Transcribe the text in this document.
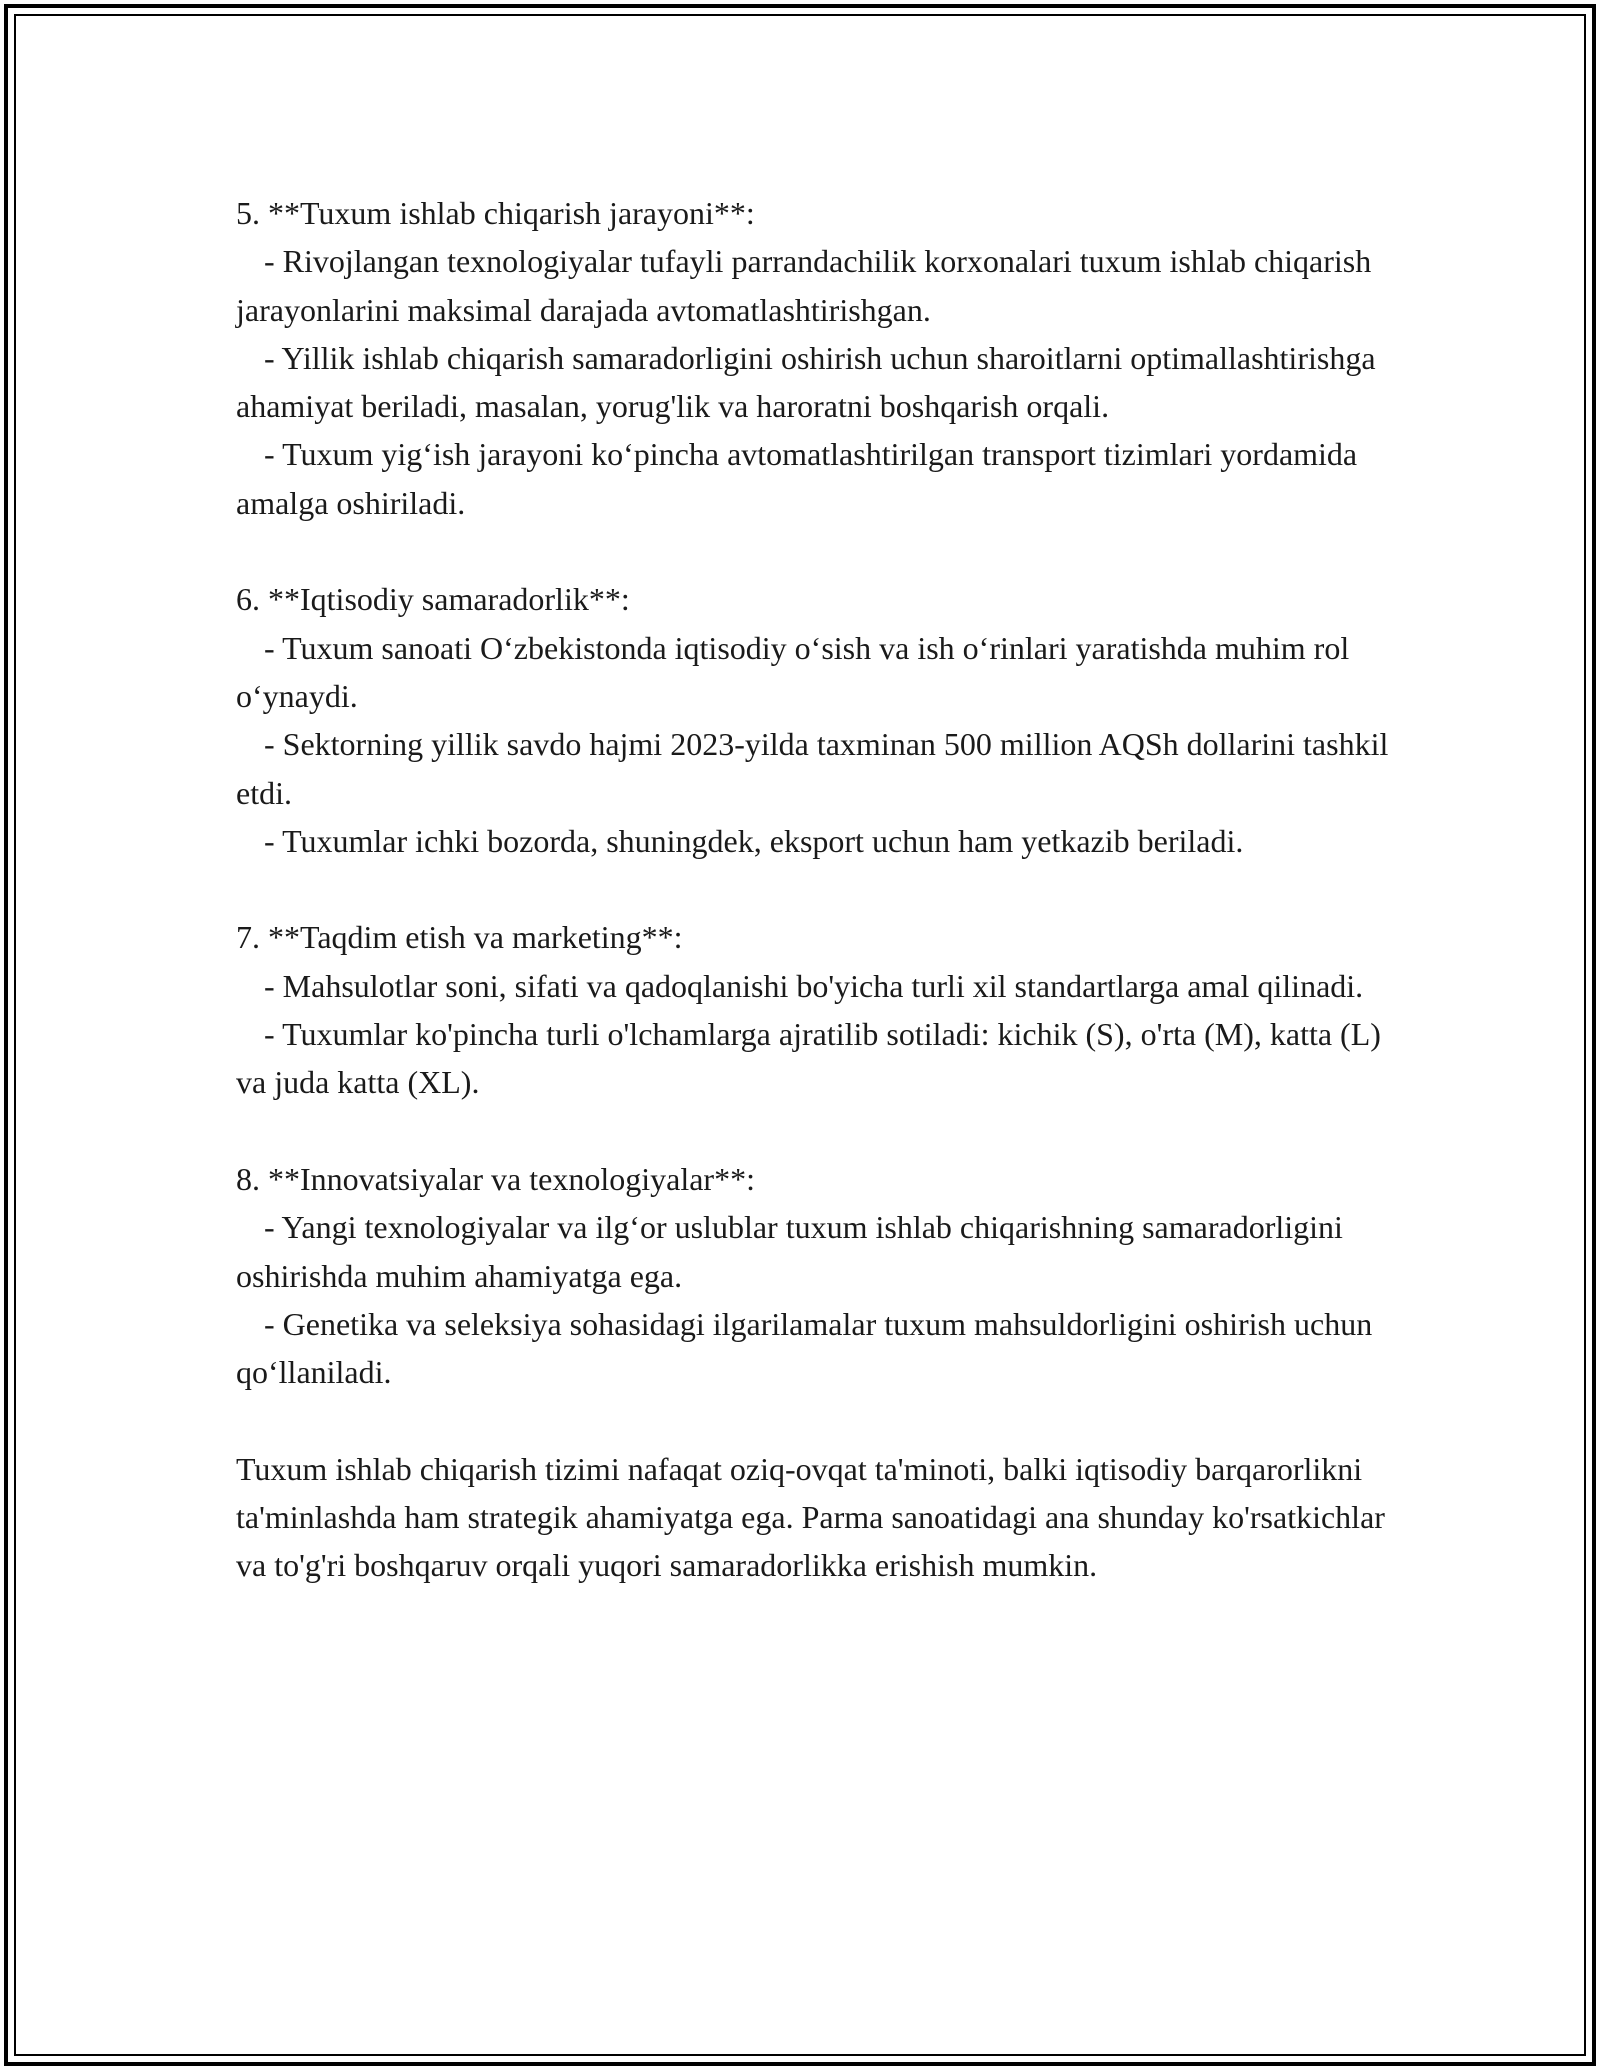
5. **Tuxum ishlab chiqarish jarayoni**:

- Rivojlangan texnologiyalar tufayli parrandachilik korxonalari tuxum ishlab chiqarish jarayonlarini maksimal darajada avtomatlashtirishgan.

- Yillik ishlab chiqarish samaradorligini oshirish uchun sharoitlarni optimallashtirishga ahamiyat beriladi, masalan, yorug'lik va haroratni boshqarish orqali.

- Tuxum yig‘ish jarayoni ko‘pincha avtomatlashtirilgan transport tizimlari yordamida amalga oshiriladi.

6. **Iqtisodiy samaradorlik**:

- Tuxum sanoati O‘zbekistonda iqtisodiy o‘sish va ish o‘rinlari yaratishda muhim rol o‘ynaydi.

- Sektorning yillik savdo hajmi 2023-yilda taxminan 500 million AQSh dollarini tashkil etdi.

- Tuxumlar ichki bozorda, shuningdek, eksport uchun ham yetkazib beriladi.

7. **Taqdim etish va marketing**:

- Mahsulotlar soni, sifati va qadoqlanishi bo'yicha turli xil standartlarga amal qilinadi.

- Tuxumlar ko'pincha turli o'lchamlarga ajratilib sotiladi: kichik (S), o'rta (M), katta (L) va juda katta (XL).

8. **Innovatsiyalar va texnologiyalar**:

- Yangi texnologiyalar va ilg‘or uslublar tuxum ishlab chiqarishning samaradorligini oshirishda muhim ahamiyatga ega.

- Genetika va seleksiya sohasidagi ilgarilamalar tuxum mahsuldorligini oshirish uchun qo‘llaniladi.

Tuxum ishlab chiqarish tizimi nafaqat oziq-ovqat ta'minoti, balki iqtisodiy barqarorlikni ta'minlashda ham strategik ahamiyatga ega. Parma sanoatidagi ana shunday ko'rsatkichlar va to'g'ri boshqaruv orqali yuqori samaradorlikka erishish mumkin.
